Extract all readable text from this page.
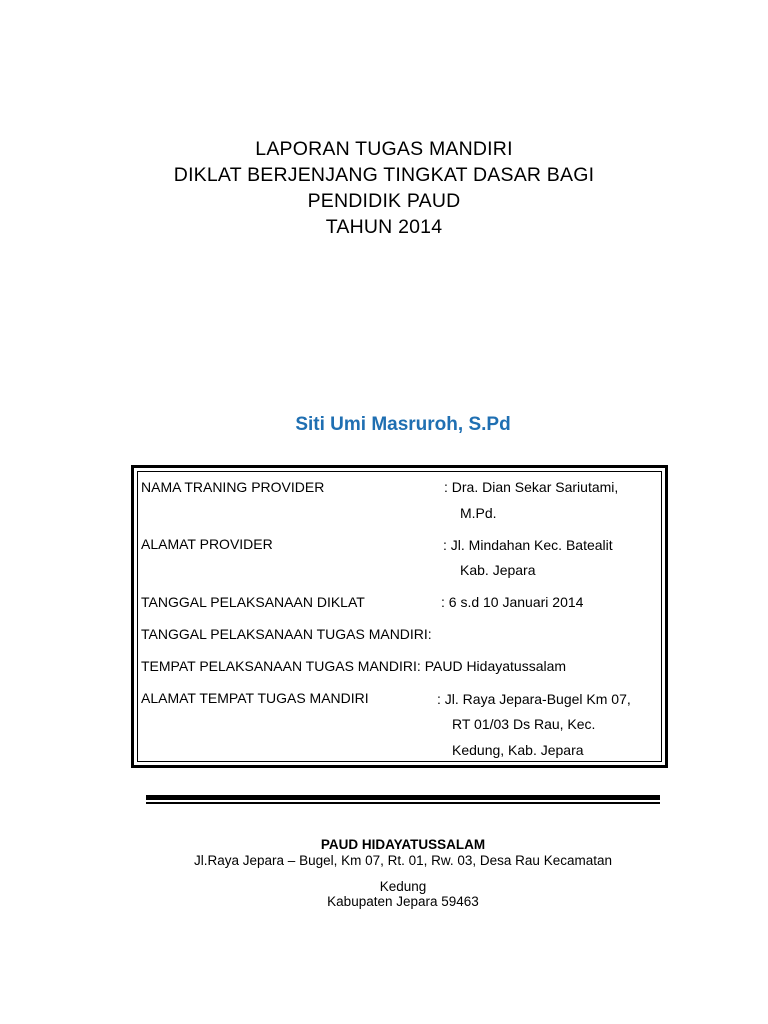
LAPORAN TUGAS MANDIRI
DIKLAT BERJENJANG TINGKAT DASAR BAGI
PENDIDIK PAUD
TAHUN 2014
Siti Umi Masruroh, S.Pd
NAMA TRANING PROVIDER	: Dra. Dian Sekar Sariutami,
M.Pd.
ALAMAT PROVIDER	: Jl. Mindahan Kec. Batealit
Kab. Jepara
TANGGAL PELAKSANAAN DIKLAT	: 6 s.d 10 Januari 2014
TANGGAL PELAKSANAAN TUGAS MANDIRI:
TEMPAT PELAKSANAAN TUGAS MANDIRI: PAUD Hidayatussalam
ALAMAT TEMPAT TUGAS MANDIRI	: Jl. Raya Jepara-Bugel Km 07,
RT 01/03 Ds Rau, Kec.
Kedung, Kab. Jepara
PAUD HIDAYATUSSALAM
Jl.Raya Jepara – Bugel, Km 07, Rt. 01, Rw. 03, Desa Rau Kecamatan
Kedung
Kabupaten Jepara 59463
